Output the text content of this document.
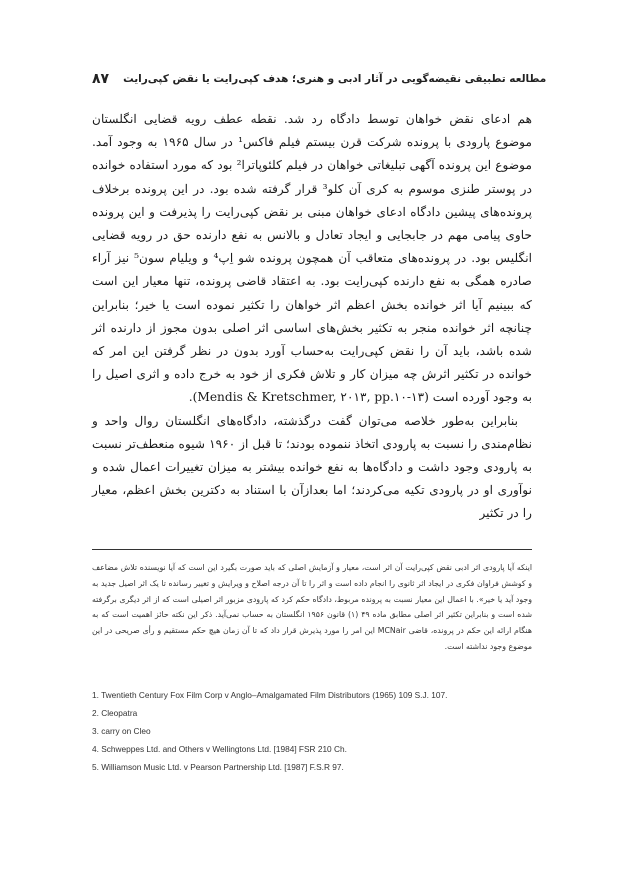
۸۷ مطالعه تطبیقی نقیضه‌گویی در آثار ادبی و هنری؛ هدف کپی‌رایت یا نقض کپی‌رایت

هم ادعای نقض خواهان توسط دادگاه رد شد. نقطه عطف رویه قضایی انگلستان موضوع پارودی با پرونده شرکت قرن بیستم فیلم فاکس¹ در سال ۱۹۶۵ به وجود آمد. موضوع این پرونده آگهی تبلیغاتی خواهان در فیلم کلئوپاترا² بود که مورد استفاده خوانده در پوستر طنزی موسوم به کری آن کلو³ قرار گرفته شده بود. در این پرونده برخلاف پرونده‌های پیشین دادگاه ادعای خواهان مبنی بر نقض کپی‌رایت را پذیرفت و این پرونده حاوی پیامی مهم در جابجایی و ایجاد تعادل و بالانس به نفع دارنده حق در رویه قضایی انگلیس بود. در پرونده‌های متعاقب آن همچون پرونده شو اِپ⁴ و ویلیام سون⁵ نیز آراء صادره همگی به نفع دارنده کپی‌رایت بود. به اعتقاد قاضی پرونده، تنها معیار این است که ببینیم آیا اثر خوانده بخش اعظم اثر خواهان را تکثیر نموده است یا خیر؛ بنابراین چنانچه اثر خوانده منجر به تکثیر بخش‌های اساسی اثر اصلی بدون مجوز از دارنده اثر شده باشد، باید آن را نقض کپی‌رایت به‌حساب آورد بدون در نظر گرفتن این امر که خوانده در تکثیر اثرش چه میزان کار و تلاش فکری از خود به خرج داده و اثری اصیل را به وجود آورده است .(Mendis & Kretschmer, ۲۰۱۳, pp.۱۰-۱۳)

بنابراین به‌طور خلاصه می‌توان گفت درگذشته، دادگاه‌های انگلستان روال واحد و نظام‌مندی را نسبت به پارودی اتخاذ ننموده بودند؛ تا قبل از ۱۹۶۰ شیوه منعطف‌تر نسبت به پارودی وجود داشت و دادگاه‌ها به نفع خوانده بیشتر به میزان تغییرات اعمال شده و نوآوری او در پارودی تکیه می‌کردند؛ اما بعدازآن با استناد به دکترین بخش اعظم، معیار را در تکثیر

اینکه آیا پارودی اثر ادبی نقض کپی‌رایت آن اثر است، معیار و آزمایش اصلی که باید صورت بگیرد این است که آیا نویسنده تلاش مضاعف و کوشش فراوان فکری در ایجاد اثر ثانوی را انجام داده است و اثر را تا آن درجه اصلاح و ویرایش و تغییر رسانده تا یک اثر اصیل جدید به وجود آید یا خیر». با اعمال این معیار نسبت به پرونده مربوط، دادگاه حکم کرد که پارودی مزبور اثر اصیلی است که از اثر دیگری برگرفته شده است و بنابراین تکثیر اثر اصلی مطابق ماده ۴۹ (۱) قانون ۱۹۵۶ انگلستان به حساب نمی‌آید. ذکر این نکته حائز اهمیت است که به هنگام ارائه این حکم در پرونده، قاضی MCNair این امر را مورد پذیرش قرار داد که تا آن زمان هیچ حکم مستقیم و رأی صریحی در این موضوع وجود نداشته است.

1. Twentieth Century Fox Film Corp v Anglo–Amalgamated Film Distributors (1965) 109 S.J. 107.
2. Cleopatra
3. carry on Cleo
4. Schweppes Ltd. and Others v Wellingtons Ltd. [1984] FSR 210 Ch.
5. Williamson Music Ltd. v Pearson Partnership Ltd. [1987] F.S.R 97.
